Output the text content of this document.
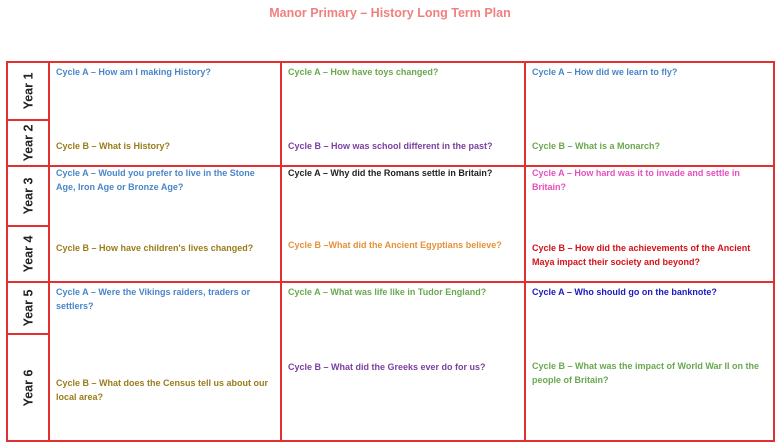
Manor Primary – History Long Term Plan
Year 1
Year 2
Year 3
Year 4
Year 5
Year 6
Cycle A – How am I making History?
Cycle B – What is History?
Cycle A – How have toys changed?
Cycle B – How was school different in the past?
Cycle A – How did we learn to fly?
Cycle B – What is a Monarch?
Cycle A – Would you prefer to live in the Stone Age, Iron Age or Bronze Age?
Cycle B – How have children's lives changed?
Cycle A – Why did the Romans settle in Britain?
Cycle B –What did the Ancient Egyptians believe?
Cycle A – How hard was it to invade and settle in Britain?
Cycle B – How did the achievements of the Ancient Maya impact their society and beyond?
Cycle A – Were the Vikings raiders, traders or settlers?
Cycle B – What does the Census tell us about our local area?
Cycle A – What was life like in Tudor England?
Cycle B – What did the Greeks ever do for us?
Cycle A – Who should go on the banknote?
Cycle B – What was the impact of World War II on the people of Britain?
